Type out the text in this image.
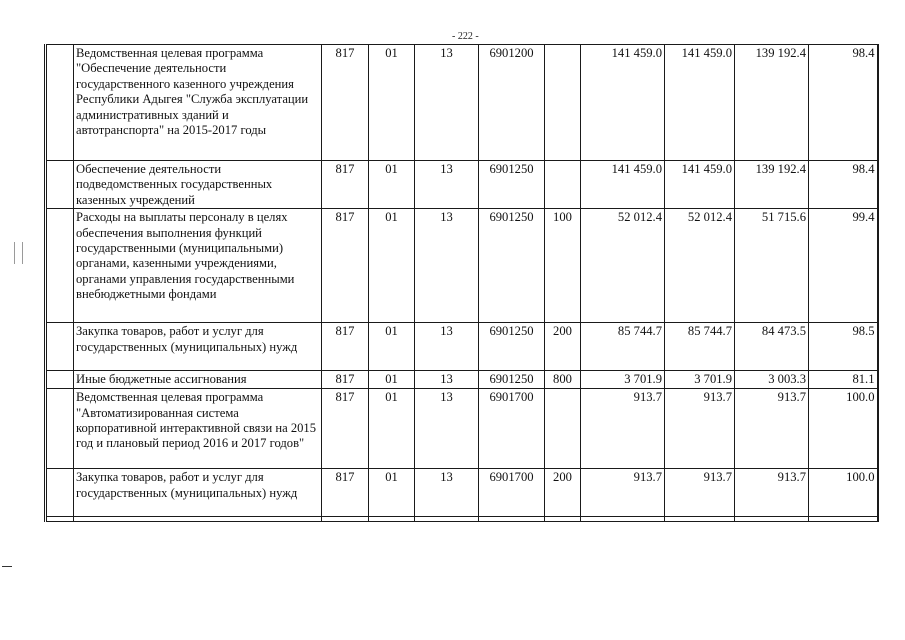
- 222 -
	Ведомственная целевая программа "Обеспечение деятельности государственного казенного учреждения Республики Адыгея "Служба эксплуатации административных зданий и автотранспорта" на 2015-2017 годы	817	01	13	6901200		141 459.0	141 459.0	139 192.4	98.4
	Обеспечение деятельности подведомственных государственных казенных учреждений	817	01	13	6901250		141 459.0	141 459.0	139 192.4	98.4
	Расходы на выплаты персоналу в целях обеспечения выполнения функций государственными (муниципальными) органами, казенными учреждениями, органами управления государственными внебюджетными фондами	817	01	13	6901250	100	52 012.4	52 012.4	51 715.6	99.4
	Закупка товаров, работ и услуг для государственных (муниципальных) нужд	817	01	13	6901250	200	85 744.7	85 744.7	84 473.5	98.5
	Иные бюджетные ассигнования	817	01	13	6901250	800	3 701.9	3 701.9	3 003.3	81.1
	Ведомственная целевая программа "Автоматизированная система корпоративной интерактивной связи на 2015 год и плановый период 2016 и 2017 годов"	817	01	13	6901700		913.7	913.7	913.7	100.0
	Закупка товаров, работ и услуг для государственных (муниципальных) нужд	817	01	13	6901700	200	913.7	913.7	913.7	100.0
